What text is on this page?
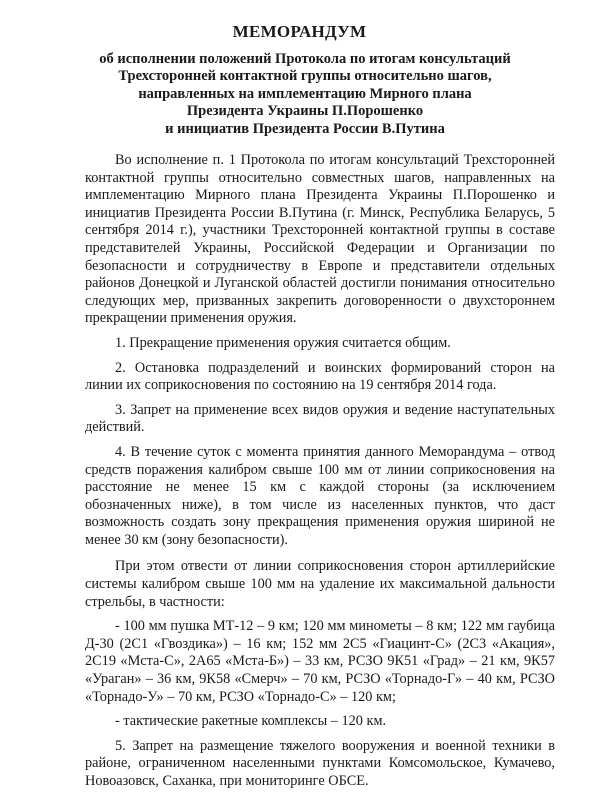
МЕМОРАНДУМ
об исполнении положений Протокола по итогам консультаций
Трехсторонней контактной группы относительно шагов,
направленных на имплементацию Мирного плана
Президента Украины П.Порошенко
и инициатив Президента России В.Путина

Во исполнение п. 1 Протокола по итогам консультаций Трехсторонней контактной группы относительно совместных шагов, направленных на имплементацию Мирного плана Президента Украины П.Порошенко и инициатив Президента России В.Путина (г. Минск, Республика Беларусь, 5 сентября 2014 г.), участники Трехсторонней контактной группы в составе представителей Украины, Российской Федерации и Организации по безопасности и сотрудничеству в Европе и представители отдельных районов Донецкой и Луганской областей достигли понимания относительно следующих мер, призванных закрепить договоренности о двухстороннем прекращении применения оружия.

1. Прекращение применения оружия считается общим.

2. Остановка подразделений и воинских формирований сторон на линии их соприкосновения по состоянию на 19 сентября 2014 года.

3. Запрет на применение всех видов оружия и ведение наступательных действий.

4. В течение суток с момента принятия данного Меморандума – отвод средств поражения калибром свыше 100 мм от линии соприкосновения на расстояние не менее 15 км с каждой стороны (за исключением обозначенных ниже), в том числе из населенных пунктов, что даст возможность создать зону прекращения применения оружия шириной не менее 30 км (зону безопасности).

При этом отвести от линии соприкосновения сторон артиллерийские системы калибром свыше 100 мм на удаление их максимальной дальности стрельбы, в частности:

- 100 мм пушка МТ-12 – 9 км; 120 мм минометы – 8 км; 122 мм гаубица Д-30 (2С1 «Гвоздика») – 16 км; 152 мм 2С5 «Гиацинт-С» (2С3 «Акация», 2С19 «Мста-С», 2А65 «Мста-Б») – 33 км, РСЗО 9К51 «Град» – 21 км, 9К57 «Ураган» – 36 км, 9К58 «Смерч» – 70 км, РСЗО «Торнадо-Г» – 40 км, РСЗО «Торнадо-У» – 70 км, РСЗО «Торнадо-С» – 120 км;

- тактические ракетные комплексы – 120 км.

5. Запрет на размещение тяжелого вооружения и военной техники в районе, ограниченном населенными пунктами Комсомольское, Кумачево, Новоазовск, Саханка, при мониторинге ОБСЕ.
